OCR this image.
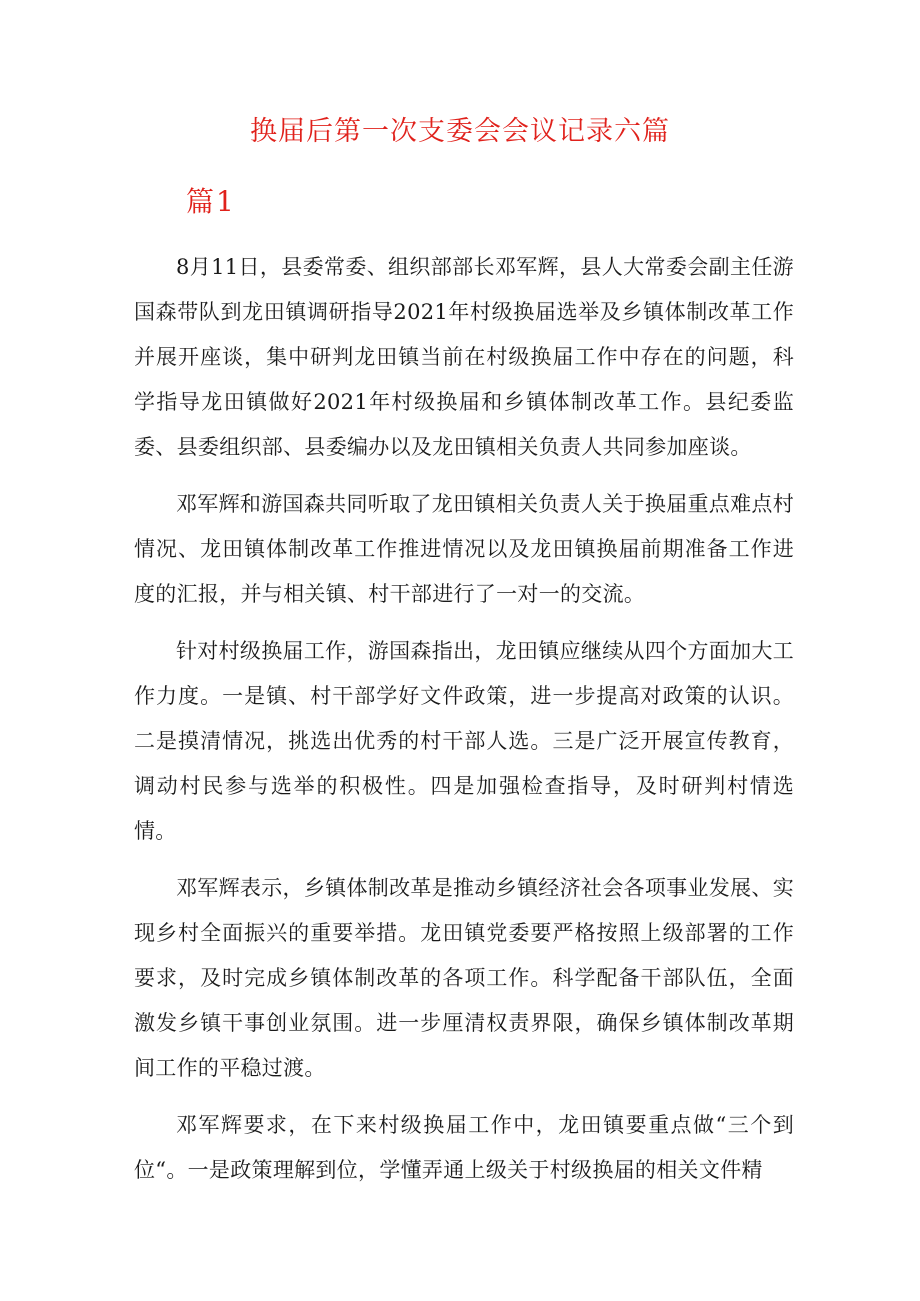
换届后第一次支委会会议记录六篇
篇1

8月11日，县委常委、组织部部长邓军辉，县人大常委会副主任游国森带队到龙田镇调研指导2021年村级换届选举及乡镇体制改革工作并展开座谈，集中研判龙田镇当前在村级换届工作中存在的问题，科学指导龙田镇做好2021年村级换届和乡镇体制改革工作。县纪委监委、县委组织部、县委编办以及龙田镇相关负责人共同参加座谈。

邓军辉和游国森共同听取了龙田镇相关负责人关于换届重点难点村情况、龙田镇体制改革工作推进情况以及龙田镇换届前期准备工作进度的汇报，并与相关镇、村干部进行了一对一的交流。

针对村级换届工作，游国森指出，龙田镇应继续从四个方面加大工作力度。一是镇、村干部学好文件政策，进一步提高对政策的认识。二是摸清情况，挑选出优秀的村干部人选。三是广泛开展宣传教育，调动村民参与选举的积极性。四是加强检查指导，及时研判村情选情。

邓军辉表示，乡镇体制改革是推动乡镇经济社会各项事业发展、实现乡村全面振兴的重要举措。龙田镇党委要严格按照上级部署的工作要求，及时完成乡镇体制改革的各项工作。科学配备干部队伍，全面激发乡镇干事创业氛围。进一步厘清权责界限，确保乡镇体制改革期间工作的平稳过渡。

邓军辉要求，在下来村级换届工作中，龙田镇要重点做“三个到位“。一是政策理解到位，学懂弄通上级关于村级换届的相关文件精
